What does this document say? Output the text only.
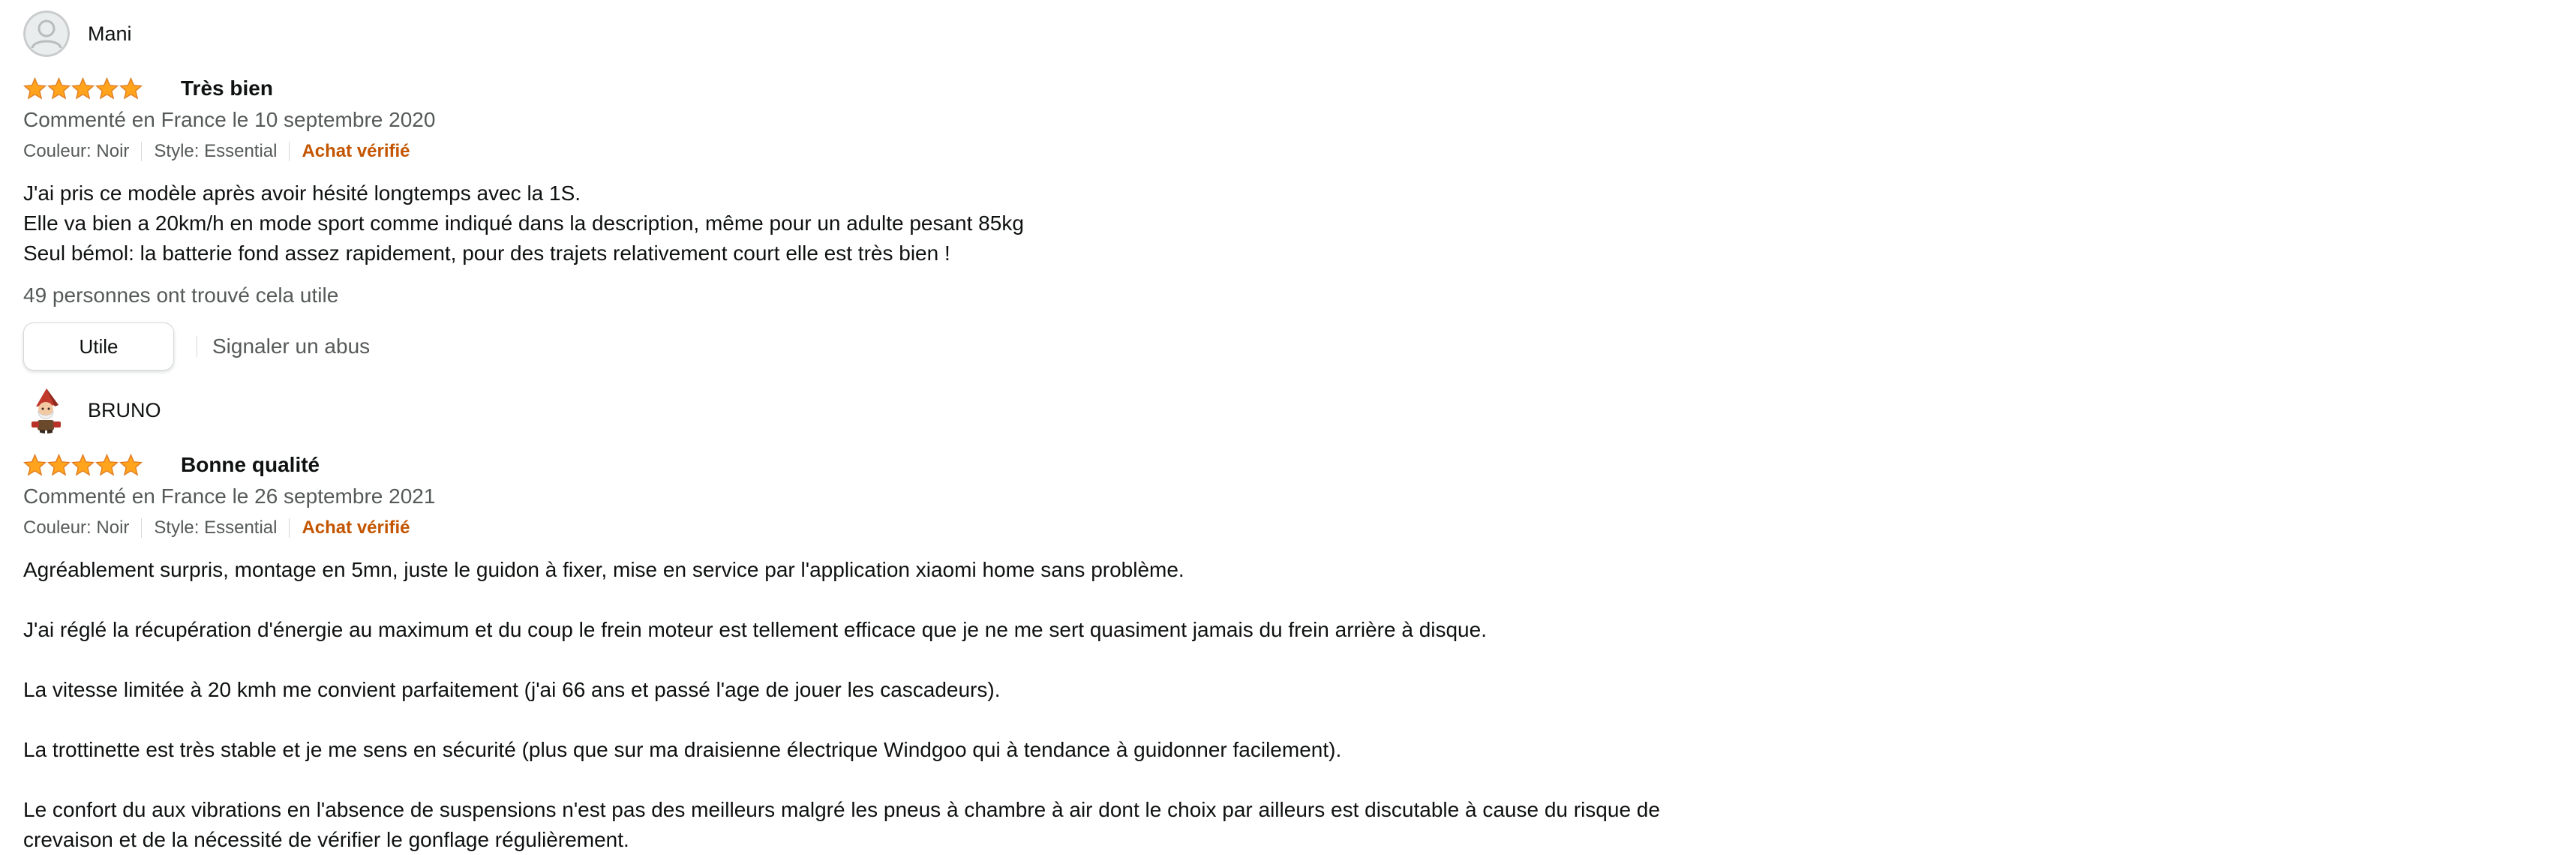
Mani
Très bien
Commenté en France le 10 septembre 2020
Couleur: Noir Style: Essential Achat vérifié

J'ai pris ce modèle après avoir hésité longtemps avec la 1S.

Elle va bien a 20km/h en mode sport comme indiqué dans la description, même pour un adulte pesant 85kg

Seul bémol: la batterie fond assez rapidement, pour des trajets relativement court elle est très bien !

49 personnes ont trouvé cela utile
Utile	Signaler un abus
BRUNO
Bonne qualité
Commenté en France le 26 septembre 2021
Couleur: Noir Style: Essential Achat vérifié

Agréablement surpris, montage en 5mn, juste le guidon à fixer, mise en service par l'application xiaomi home sans problème.

J'ai réglé la récupération d'énergie au maximum et du coup le frein moteur est tellement efficace que je ne me sert quasiment jamais du frein arrière à disque.

La vitesse limitée à 20 kmh me convient parfaitement (j'ai 66 ans et passé l'age de jouer les cascadeurs).

La trottinette est très stable et je me sens en sécurité (plus que sur ma draisienne électrique Windgoo qui à tendance à guidonner facilement).

Le confort du aux vibrations en l'absence de suspensions n'est pas des meilleurs malgré les pneus à chambre à air dont le choix par ailleurs est discutable à cause du risque de

crevaison et de la nécessité de vérifier le gonflage régulièrement.
